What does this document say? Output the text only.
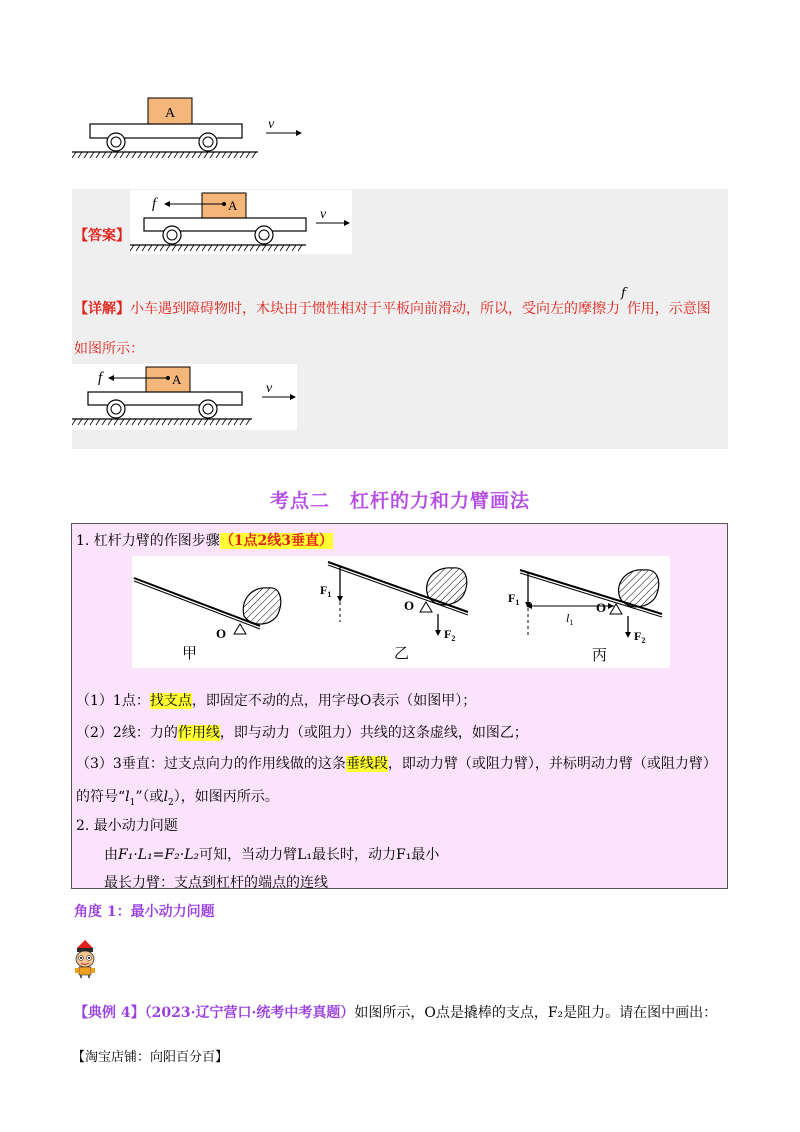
A
v
【答案】
f	A
v
【详解】小车遇到障碍物时，木块由于惯性相对于平板向前滑动，所以，受向左的摩擦力f作用，示意图
如图所示：
f	A
v
考点二　杠杆的力和力臂画法
1. 杠杆力臂的作图步骤（1点2线3垂直）
O
甲
O
$F_1$
$F_2$
乙
O
$F_1$
$l_1$
$F_2$
丙
（1）1点：找支点，即固定不动的点，用字母O表示（如图甲）；
（2）2线：力的作用线，即与动力（或阻力）共线的这条虚线，如图乙；
（3）3垂直：过支点向力的作用线做的这条垂线段，即动力臂（或阻力臂），并标明动力臂（或阻力臂）
的符号“$l_1$”（或$l_2$），如图丙所示。
2. 最小动力问题
由F₁·L₁=F₂·L₂可知，当动力臂L₁最长时，动力F₁最小
最长力臂：支点到杠杆的端点的连线
角度 1：最小动力问题
【典例 4】（2023·辽宁营口·统考中考真题）如图所示，O点是撬棒的支点，F₂是阻力。请在图中画出：
【淘宝店铺：向阳百分百】
